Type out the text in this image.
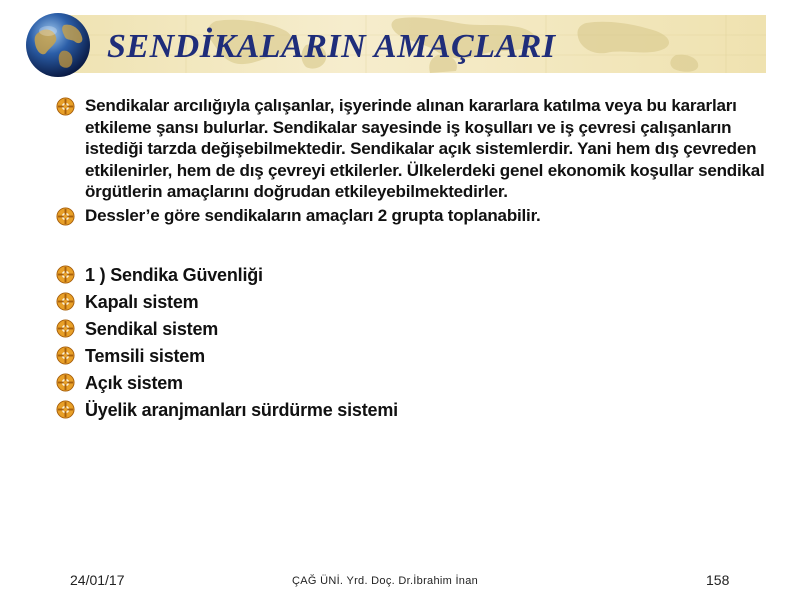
SENDİKALARIN AMAÇLARI
Sendikalar arcılığıyla çalışanlar, işyerinde alınan kararlara katılma veya bu kararları etkileme şansı bulurlar. Sendikalar sayesinde iş koşulları ve iş çevresi çalışanların istediği tarzda değişebilmektedir. Sendikalar açık sistemlerdir. Yani hem dış çevreden etkilenirler, hem de dış çevreyi etkilerler. Ülkelerdeki genel ekonomik koşullar sendikal örgütlerin amaçlarını doğrudan etkileyebilmektedirler.
Dessler’e göre sendikaların amaçları 2 grupta toplanabilir.
1 ) Sendika Güvenliği
Kapalı sistem
Sendikal sistem
Temsili sistem
Açık sistem
Üyelik aranjmanları sürdürme sistemi
24/01/17	ÇAĞ ÜNİ. Yrd. Doç. Dr.İbrahim İnan	158
